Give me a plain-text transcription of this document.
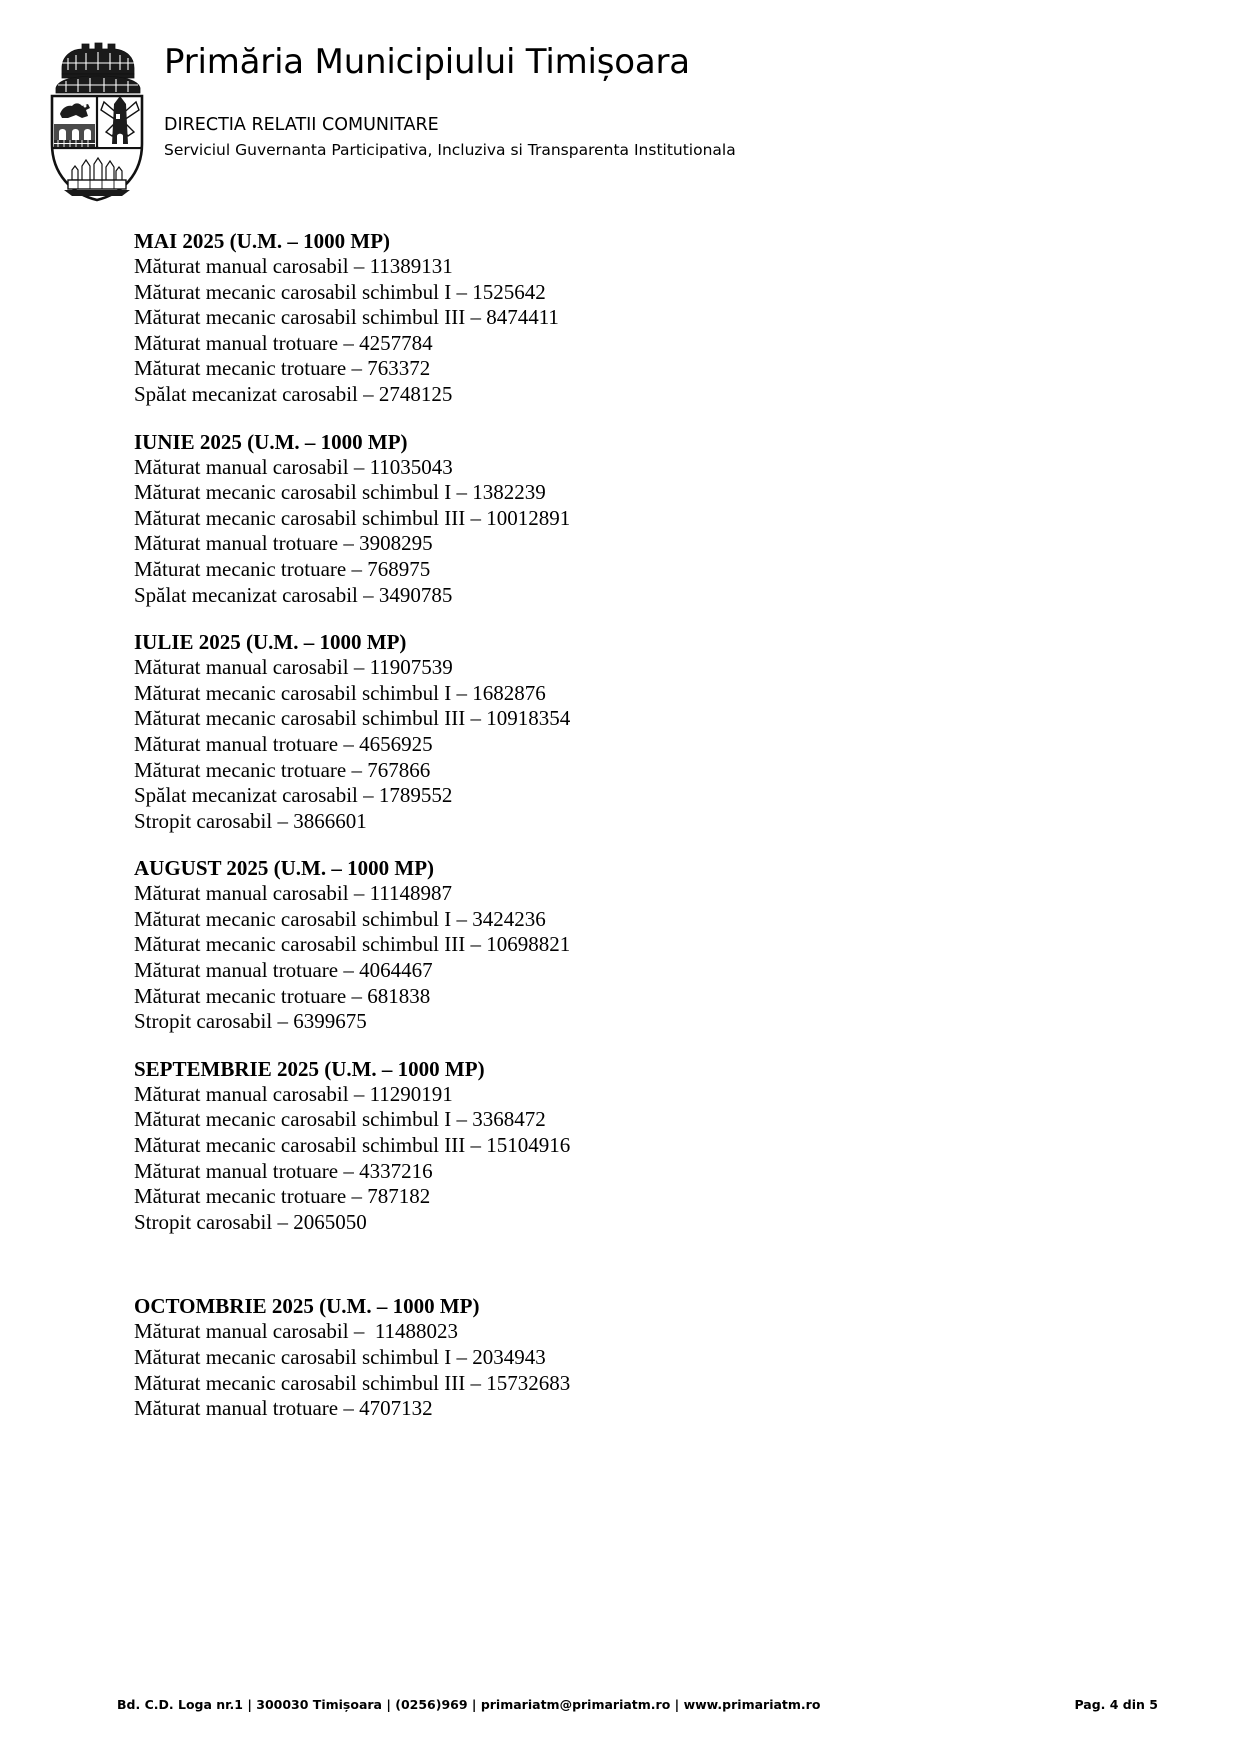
Primăria Municipiului Timișoara
DIRECTIA RELATII COMUNITARE
Serviciul Guvernanta Participativa, Incluziva si Transparenta Institutionala
MAI 2025 (U.M. – 1000 MP)
Măturat manual carosabil – 11389131
Măturat mecanic carosabil schimbul I – 1525642
Măturat mecanic carosabil schimbul III – 8474411
Măturat manual trotuare – 4257784
Măturat mecanic trotuare – 763372
Spălat mecanizat carosabil – 2748125
IUNIE 2025 (U.M. – 1000 MP)
Măturat manual carosabil – 11035043
Măturat mecanic carosabil schimbul I – 1382239
Măturat mecanic carosabil schimbul III – 10012891
Măturat manual trotuare – 3908295
Măturat mecanic trotuare – 768975
Spălat mecanizat carosabil – 3490785
IULIE 2025 (U.M. – 1000 MP)
Măturat manual carosabil – 11907539
Măturat mecanic carosabil schimbul I – 1682876
Măturat mecanic carosabil schimbul III – 10918354
Măturat manual trotuare – 4656925
Măturat mecanic trotuare – 767866
Spălat mecanizat carosabil – 1789552
Stropit carosabil – 3866601
AUGUST 2025 (U.M. – 1000 MP)
Măturat manual carosabil – 11148987
Măturat mecanic carosabil schimbul I – 3424236
Măturat mecanic carosabil schimbul III – 10698821
Măturat manual trotuare – 4064467
Măturat mecanic trotuare – 681838
Stropit carosabil – 6399675
SEPTEMBRIE 2025 (U.M. – 1000 MP)
Măturat manual carosabil – 11290191
Măturat mecanic carosabil schimbul I – 3368472
Măturat mecanic carosabil schimbul III – 15104916
Măturat manual trotuare – 4337216
Măturat mecanic trotuare – 787182
Stropit carosabil – 2065050
OCTOMBRIE 2025 (U.M. – 1000 MP)
Măturat manual carosabil –  11488023
Măturat mecanic carosabil schimbul I – 2034943
Măturat mecanic carosabil schimbul III – 15732683
Măturat manual trotuare – 4707132
Bd. C.D. Loga nr.1 | 300030 Timișoara | (0256)969 | primariatm@primariatm.ro | www.primariatm.ro	Pag. 4 din 5
